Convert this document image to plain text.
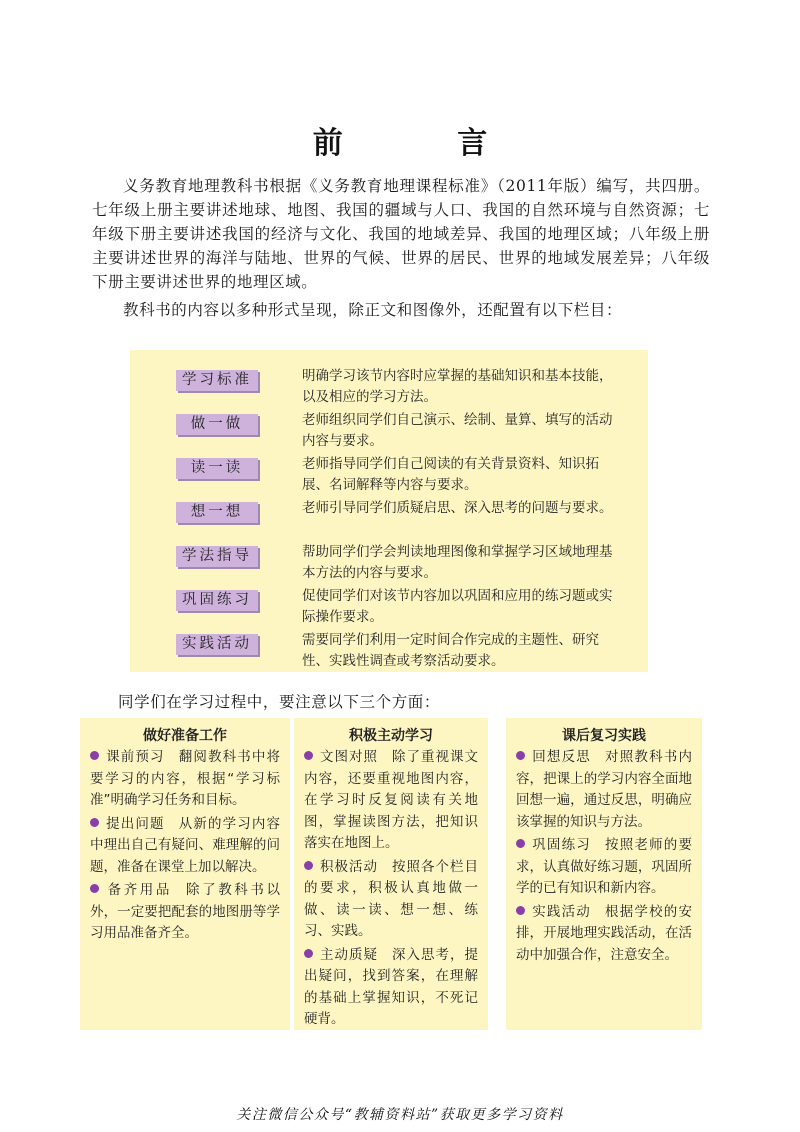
前 言

义务教育地理教科书根据《义务教育地理课程标准》（2011年版）编写，共四册。七年级上册主要讲述地球、地图、我国的疆域与人口、我国的自然环境与自然资源；七年级下册主要讲述我国的经济与文化、我国的地域差异、我国的地理区域；八年级上册主要讲述世界的海洋与陆地、世界的气候、世界的居民、世界的地域发展差异；八年级下册主要讲述世界的地理区域。

教科书的内容以多种形式呈现，除正文和图像外，还配置有以下栏目：

学习标准	明确学习该节内容时应掌握的基础知识和基本技能，以及相应的学习方法。
做一做	老师组织同学们自己演示、绘制、量算、填写的活动内容与要求。
读一读	老师指导同学们自己阅读的有关背景资料、知识拓展、名词解释等内容与要求。
想一想	老师引导同学们质疑启思、深入思考的问题与要求。
学法指导	帮助同学们学会判读地理图像和掌握学习区域地理基本方法的内容与要求。
巩固练习	促使同学们对该节内容加以巩固和应用的练习题或实际操作要求。
实践活动	需要同学们利用一定时间合作完成的主题性、研究性、实践性调查或考察活动要求。
同学们在学习过程中，要注意以下三个方面：
做好准备工作

课前预习 翻阅教科书中将要学习的内容，根据“学习标准”明确学习任务和目标。

提出问题 从新的学习内容中理出自己有疑问、难理解的问题，准备在课堂上加以解决。

备齐用品 除了教科书以外，一定要把配套的地图册等学习用品准备齐全。

积极主动学习

文图对照 除了重视课文内容，还要重视地图内容，在学习时反复阅读有关地图，掌握读图方法，把知识落实在地图上。

积极活动 按照各个栏目的要求，积极认真地做一做、读一读、想一想、练习、实践。

主动质疑 深入思考，提出疑问，找到答案，在理解的基础上掌握知识，不死记硬背。

课后复习实践

回想反思 对照教科书内容，把课上的学习内容全面地回想一遍，通过反思，明确应该掌握的知识与方法。

巩固练习 按照老师的要求，认真做好练习题，巩固所学的已有知识和新内容。

实践活动 根据学校的安排，开展地理实践活动，在活动中加强合作，注意安全。

关注微信公众号“教辅资料站”获取更多学习资料
